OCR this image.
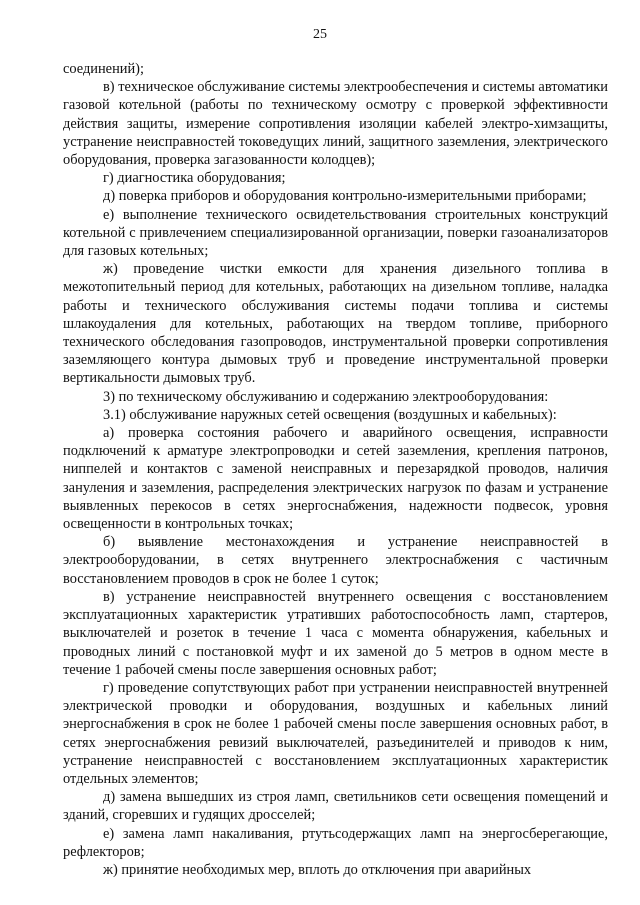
25

соединений);

в) техническое обслуживание системы электрообеспечения и системы автоматики газовой котельной (работы по техническому осмотру с проверкой эффективности действия защиты, измерение сопротивления изоляции кабелей электро-химзащиты, устранение неисправностей токоведущих линий, защитного заземления, электрического оборудования, проверка загазованности колодцев);

г) диагностика оборудования;

д) поверка приборов и оборудования контрольно-измерительными приборами;

е) выполнение технического освидетельствования строительных конструкций котельной с привлечением специализированной организации, поверки газоанализаторов для газовых котельных;

ж) проведение чистки емкости для хранения дизельного топлива в межотопительный период для котельных, работающих на дизельном топливе, наладка работы и технического обслуживания системы подачи топлива и системы шлакоудаления для котельных, работающих на твердом топливе, приборного технического обследования газопроводов, инструментальной проверки сопротивления заземляющего контура дымовых труб и проведение инструментальной проверки вертикальности дымовых труб.

3) по техническому обслуживанию и содержанию электрооборудования:

3.1) обслуживание наружных сетей освещения (воздушных и кабельных):

а) проверка состояния рабочего и аварийного освещения, исправности подключений к арматуре электропроводки и сетей заземления, крепления патронов, ниппелей и контактов с заменой неисправных и перезарядкой проводов, наличия зануления и заземления, распределения электрических нагрузок по фазам и устранение выявленных перекосов в сетях энергоснабжения, надежности подвесок, уровня освещенности в контрольных точках;

б) выявление местонахождения и устранение неисправностей в электрооборудовании, в сетях внутреннего электроснабжения с частичным восстановлением проводов в срок не более 1 суток;

в) устранение неисправностей внутреннего освещения с восстановлением эксплуатационных характеристик утративших работоспособность ламп, стартеров, выключателей и розеток в течение 1 часа с момента обнаружения, кабельных и проводных линий с постановкой муфт и их заменой до 5 метров в одном месте в течение 1 рабочей смены после завершения основных работ;

г) проведение сопутствующих работ при устранении неисправностей внутренней электрической проводки и оборудования, воздушных и кабельных линий энергоснабжения в срок не более 1 рабочей смены после завершения основных работ, в сетях энергоснабжения ревизий выключателей, разъединителей и приводов к ним, устранение неисправностей с восстановлением эксплуатационных характеристик отдельных элементов;

д) замена вышедших из строя ламп, светильников сети освещения помещений и зданий, сгоревших и гудящих дросселей;

е) замена ламп накаливания, ртутьсодержащих ламп на энергосберегающие, рефлекторов;

ж) принятие необходимых мер, вплоть до отключения при аварийных
